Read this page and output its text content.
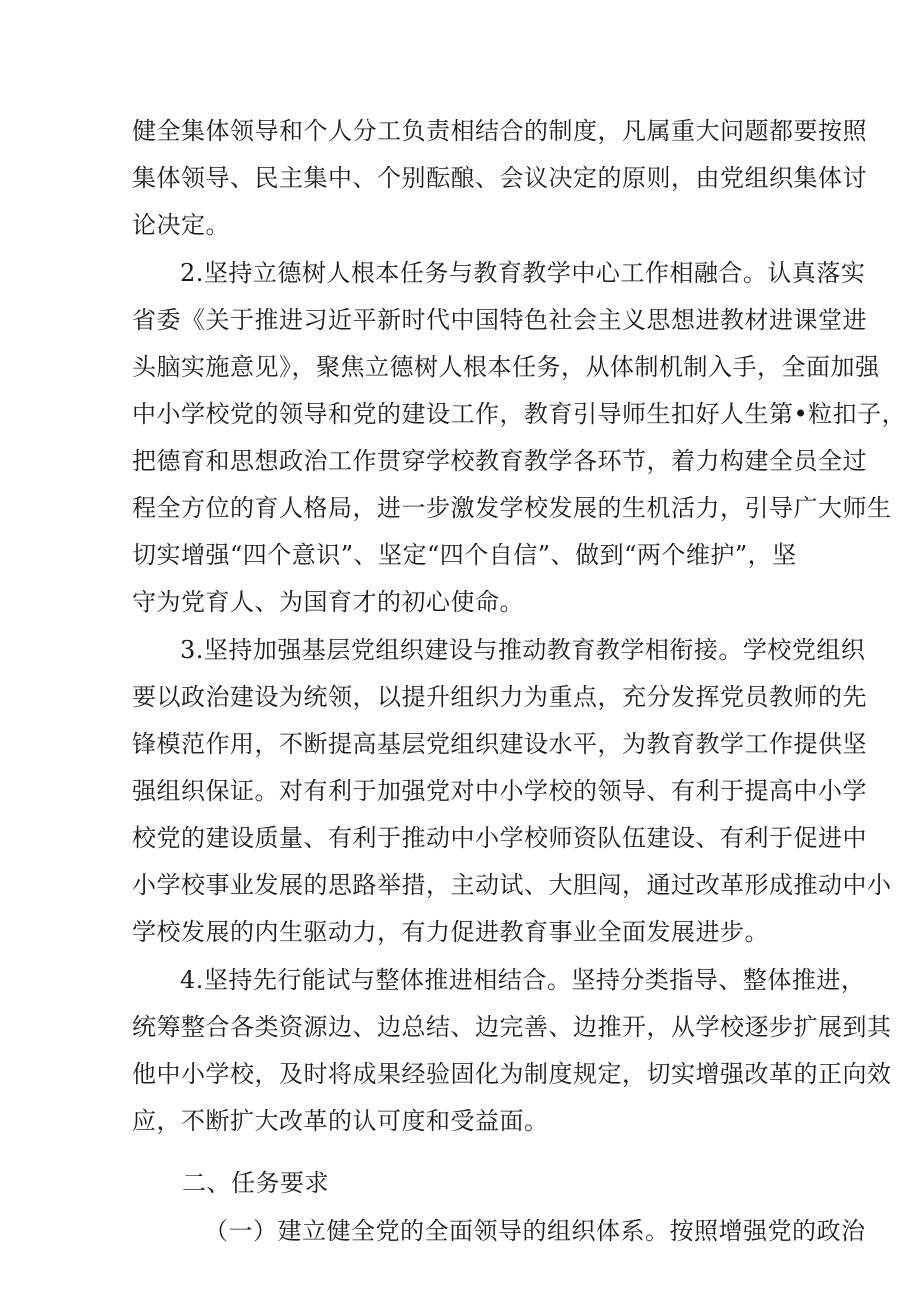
健全集体领导和个人分工负责相结合的制度，凡属重大问题都要按照
集体领导、民主集中、个别酝酿、会议决定的原则，由党组织集体讨
论决定。
2.坚持立德树人根本任务与教育教学中心工作相融合。认真落实
省委《关于推进习近平新时代中国特色社会主义思想进教材进课堂进
头脑实施意见》，聚焦立德树人根本任务，从体制机制入手，全面加强
中小学校党的领导和党的建设工作，教育引导师生扣好人生第•粒扣子，
把德育和思想政治工作贯穿学校教育教学各环节，着力构建全员全过
程全方位的育人格局，进一步激发学校发展的生机活力，引导广大师生
切实增强“四个意识”、坚定“四个自信”、做到“两个维护”，坚
守为党育人、为国育才的初心使命。
3.坚持加强基层党组织建设与推动教育教学相衔接。学校党组织
要以政治建设为统领，以提升组织力为重点，充分发挥党员教师的先
锋模范作用，不断提高基层党组织建设水平，为教育教学工作提供坚
强组织保证。对有利于加强党对中小学校的领导、有利于提高中小学
校党的建设质量、有利于推动中小学校师资队伍建设、有利于促进中
小学校事业发展的思路举措，主动试、大胆闯，通过改革形成推动中小
学校发展的内生驱动力，有力促进教育事业全面发展进步。
4.坚持先行能试与整体推进相结合。坚持分类指导、整体推进，
统筹整合各类资源边、边总结、边完善、边推开，从学校逐步扩展到其
他中小学校，及时将成果经验固化为制度规定，切实增强改革的正向效
应，不断扩大改革的认可度和受益面。
二、任务要求
（一）建立健全党的全面领导的组织体系。按照增强党的政治
